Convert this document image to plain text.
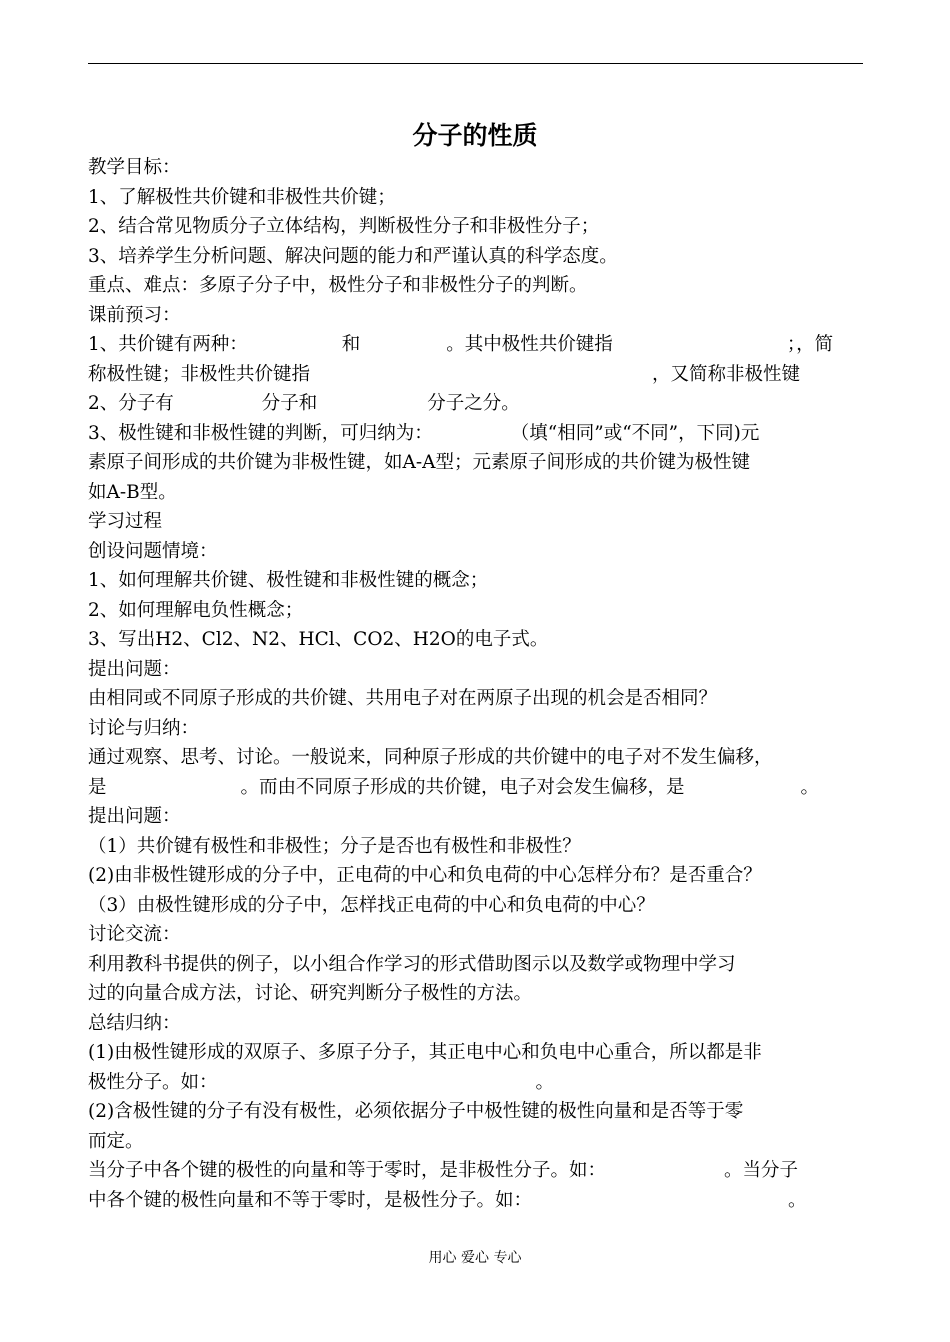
分子的性质
教学目标：
1、了解极性共价键和非极性共价键；
2、结合常见物质分子立体结构，判断极性分子和非极性分子；
3、培养学生分析问题、解决问题的能力和严谨认真的科学态度。
重点、难点：多原子分子中，极性分子和非极性分子的判断。
课前预习：
1、共价键有两种：	和	。其中极性共价键指	；，简
称极性键；非极性共价键指	，又简称非极性键
2、分子有	分子和	分子之分。
3、极性键和非极性键的判断，可归纳为：	（填“相同”或“不同”，下同)元
素原子间形成的共价键为非极性键，如A-A型；元素原子间形成的共价键为极性键
如A-B型。
学习过程
创设问题情境：
1、如何理解共价键、极性键和非极性键的概念；
2、如何理解电负性概念；
3、写出H2、Cl2、N2、HCl、CO2、H2O的电子式。
提出问题：
由相同或不同原子形成的共价键、共用电子对在两原子出现的机会是否相同？
讨论与归纳：
通过观察、思考、讨论。一般说来，同种原子形成的共价键中的电子对不发生偏移，
是	。而由不同原子形成的共价键，电子对会发生偏移，是	。
提出问题：
（1）共价键有极性和非极性；分子是否也有极性和非极性？
(2)由非极性键形成的分子中，正电荷的中心和负电荷的中心怎样分布？是否重合？
（3）由极性键形成的分子中，怎样找正电荷的中心和负电荷的中心？
讨论交流：
利用教科书提供的例子，以小组合作学习的形式借助图示以及数学或物理中学习
过的向量合成方法，讨论、研究判断分子极性的方法。
总结归纳：
(1)由极性键形成的双原子、多原子分子，其正电中心和负电中心重合，所以都是非
极性分子。如：	。
(2)含极性键的分子有没有极性，必须依据分子中极性键的极性向量和是否等于零
而定。
当分子中各个键的极性的向量和等于零时，是非极性分子。如：	。当分子
中各个键的极性向量和不等于零时，是极性分子。如：	。
用心 爱心 专心
